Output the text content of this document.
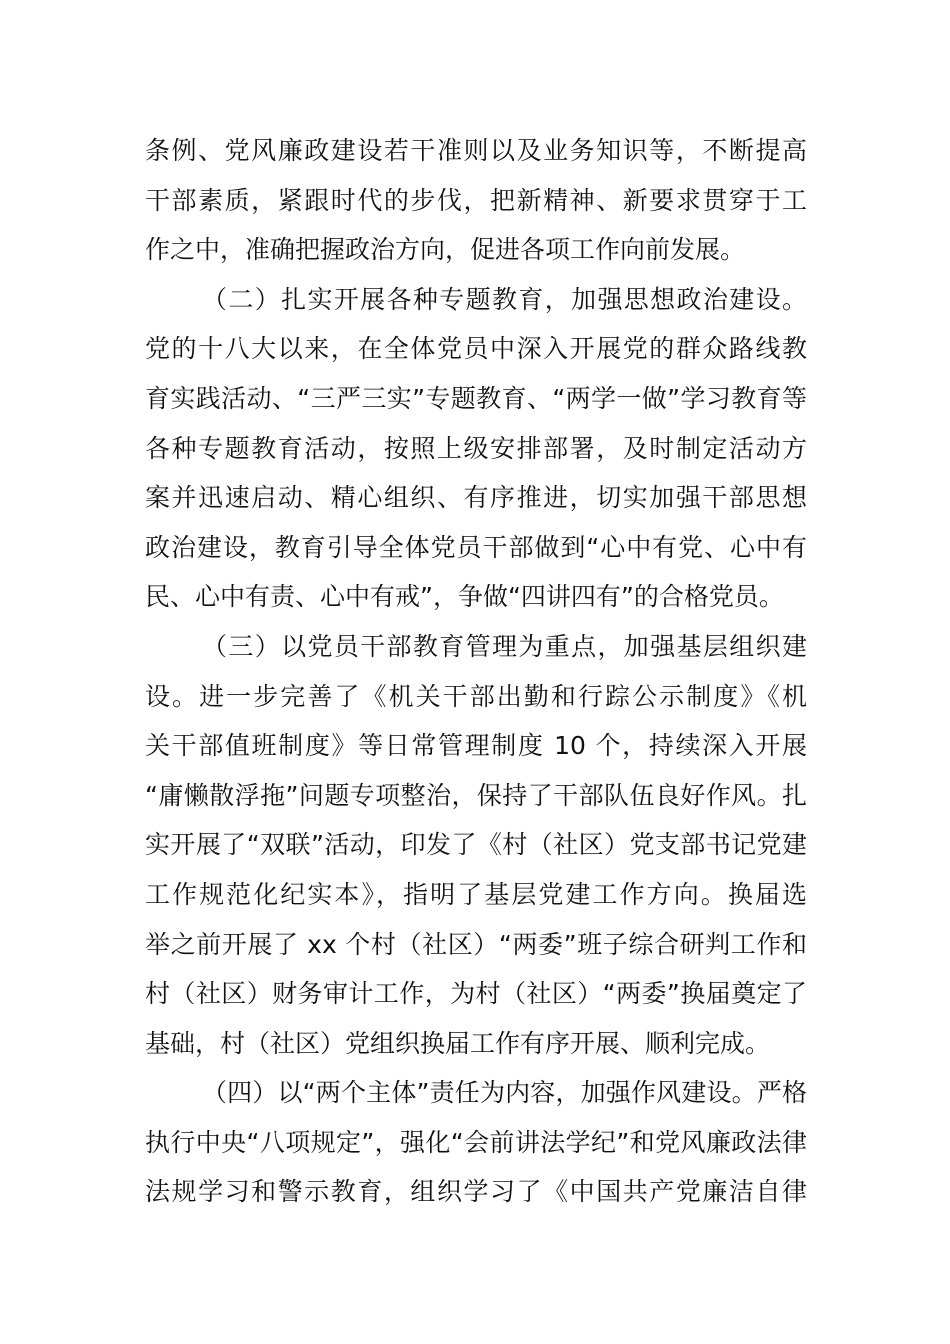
条例、党风廉政建设若干准则以及业务知识等，不断提高
干部素质，紧跟时代的步伐，把新精神、新要求贯穿于工
作之中，准确把握政治方向，促进各项工作向前发展。
（二）扎实开展各种专题教育，加强思想政治建设。
党的十八大以来，在全体党员中深入开展党的群众路线教
育实践活动、“三严三实”专题教育、“两学一做”学习教育等
各种专题教育活动，按照上级安排部署，及时制定活动方
案并迅速启动、精心组织、有序推进，切实加强干部思想
政治建设，教育引导全体党员干部做到“心中有党、心中有
民、心中有责、心中有戒”，争做“四讲四有”的合格党员。
（三）以党员干部教育管理为重点，加强基层组织建
设。进一步完善了《机关干部出勤和行踪公示制度》《机
关干部值班制度》等日常管理制度 10 个，持续深入开展
“庸懒散浮拖”问题专项整治，保持了干部队伍良好作风。扎
实开展了“双联”活动，印发了《村（社区）党支部书记党建
工作规范化纪实本》，指明了基层党建工作方向。换届选
举之前开展了 xx 个村（社区）“两委”班子综合研判工作和
村（社区）财务审计工作，为村（社区）“两委”换届奠定了
基础，村（社区）党组织换届工作有序开展、顺利完成。
（四）以“两个主体”责任为内容，加强作风建设。严格
执行中央“八项规定”，强化“会前讲法学纪”和党风廉政法律
法规学习和警示教育，组织学习了《中国共产党廉洁自律
